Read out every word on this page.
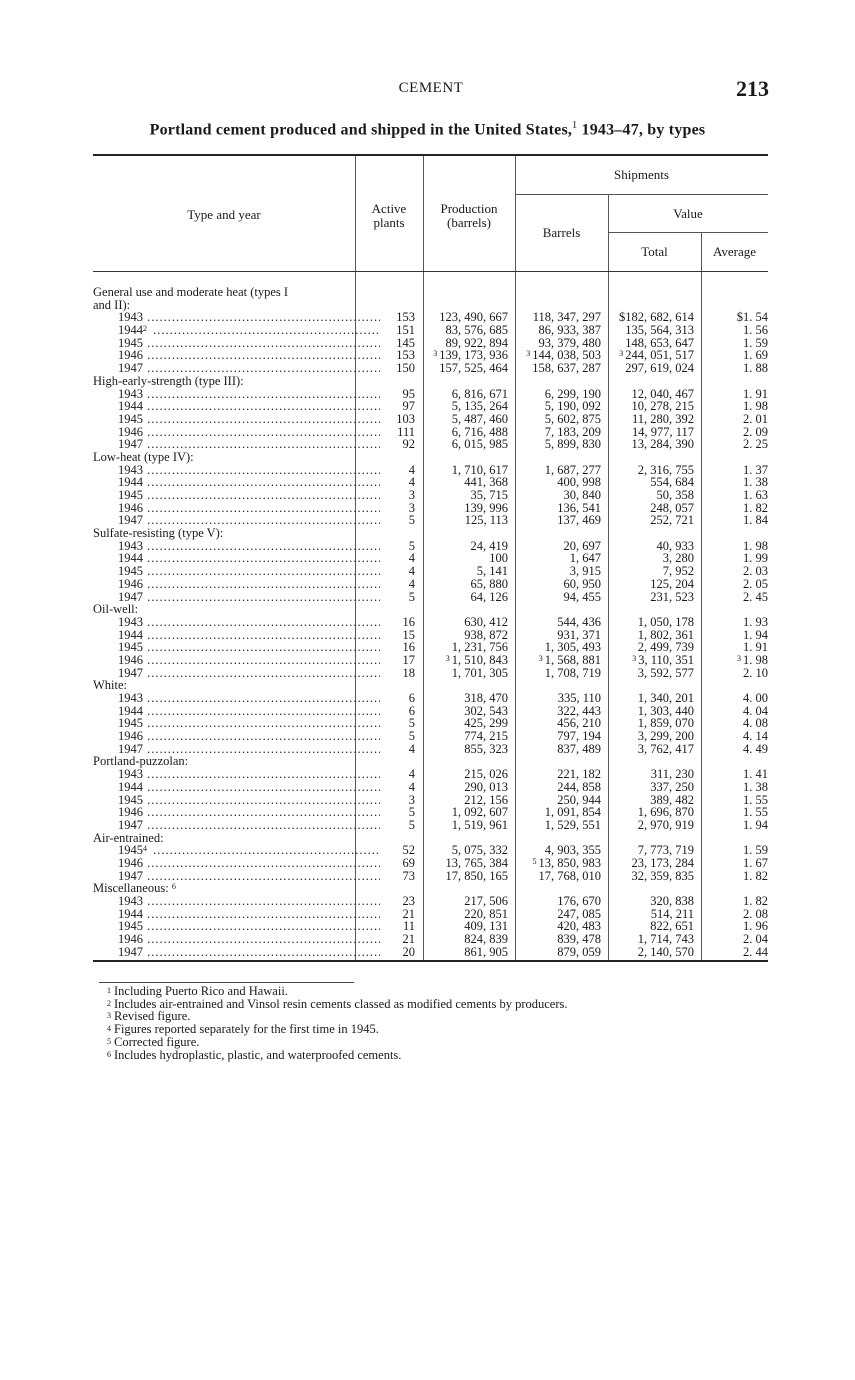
CEMENT	213
Portland cement produced and shipped in the United States,$^1$ 1943–47, by types
Type and year	Active plants
Production (barrels)
Shipments
Barrels
Value
Total	Average
General use and moderate heat (types I
and II):
1943 .....	153	123, 490, 667	118, 347, 297	$182, 682, 614	$1. 54
1944$^2$ .....	151	83, 576, 685	86, 933, 387	135, 564, 313	1. 56
1945 .....	145	89, 922, 894	93, 379, 480	148, 653, 647	1. 59
1946 .....	153	$^3$ 139, 173, 936	$^3$ 144, 038, 503	$^3$ 244, 051, 517	1. 69
1947 .....	150	157, 525, 464	158, 637, 287	297, 619, 024	1. 88
High-early-strength (type III):
1943 .....	95	6, 816, 671	6, 299, 190	12, 040, 467	1. 91
1944 .....	97	5, 135, 264	5, 190, 092	10, 278, 215	1. 98
1945 .....	103	5, 487, 460	5, 602, 875	11, 280, 392	2. 01
1946 .....	111	6, 716, 488	7, 183, 209	14, 977, 117	2. 09
1947 .....	92	6, 015, 985	5, 899, 830	13, 284, 390	2. 25
Low-heat (type IV):
1943 .....	4	1, 710, 617	1, 687, 277	2, 316, 755	1. 37
1944 .....	4	441, 368	400, 998	554, 684	1. 38
1945 .....	3	35, 715	30, 840	50, 358	1. 63
1946 .....	3	139, 996	136, 541	248, 057	1. 82
1947 .....	5	125, 113	137, 469	252, 721	1. 84
Sulfate-resisting (type V):
1943 .....	5	24, 419	20, 697	40, 933	1. 98
1944 .....	4	100	1, 647	3, 280	1. 99
1945 .....	4	5, 141	3, 915	7, 952	2. 03
1946 .....	4	65, 880	60, 950	125, 204	2. 05
1947 .....	5	64, 126	94, 455	231, 523	2. 45
Oil-well:
1943 .....	16	630, 412	544, 436	1, 050, 178	1. 93
1944 .....	15	938, 872	931, 371	1, 802, 361	1. 94
1945 .....	16	1, 231, 756	1, 305, 493	2, 499, 739	1. 91
1946 .....	17	$^3$ 1, 510, 843	$^3$ 1, 568, 881	$^3$ 3, 110, 351	$^3$ 1. 98
1947 .....	18	1, 701, 305	1, 708, 719	3, 592, 577	2. 10
White:
1943 .....	6	318, 470	335, 110	1, 340, 201	4. 00
1944 .....	6	302, 543	322, 443	1, 303, 440	4. 04
1945 .....	5	425, 299	456, 210	1, 859, 070	4. 08
1946 .....	5	774, 215	797, 194	3, 299, 200	4. 14
1947 .....	4	855, 323	837, 489	3, 762, 417	4. 49
Portland-puzzolan:
1943 .....	4	215, 026	221, 182	311, 230	1. 41
1944 .....	4	290, 013	244, 858	337, 250	1. 38
1945 .....	3	212, 156	250, 944	389, 482	1. 55
1946 .....	5	1, 092, 607	1, 091, 854	1, 696, 870	1. 55
1947 .....	5	1, 519, 961	1, 529, 551	2, 970, 919	1. 94
Air-entrained:
1945$^4$ .....	52	5, 075, 332	4, 903, 355	7, 773, 719	1. 59
1946 .....	69	13, 765, 384	$^5$ 13, 850, 983	23, 173, 284	1. 67
1947 .....	73	17, 850, 165	17, 768, 010	32, 359, 835	1. 82
Miscellaneous: $^6$
1943 .....	23	217, 506	176, 670	320, 838	1. 82
1944 .....	21	220, 851	247, 085	514, 211	2. 08
1945 .....	11	409, 131	420, 483	822, 651	1. 96
1946 .....	21	824, 839	839, 478	1, 714, 743	2. 04
1947 .....	20	861, 905	879, 059	2, 140, 570	2. 44
$^1$ Including Puerto Rico and Hawaii.
$^2$ Includes air-entrained and Vinsol resin cements classed as modified cements by producers.
$^3$ Revised figure.
$^4$ Figures reported separately for the first time in 1945.
$^5$ Corrected figure.
$^6$ Includes hydroplastic, plastic, and waterproofed cements.
